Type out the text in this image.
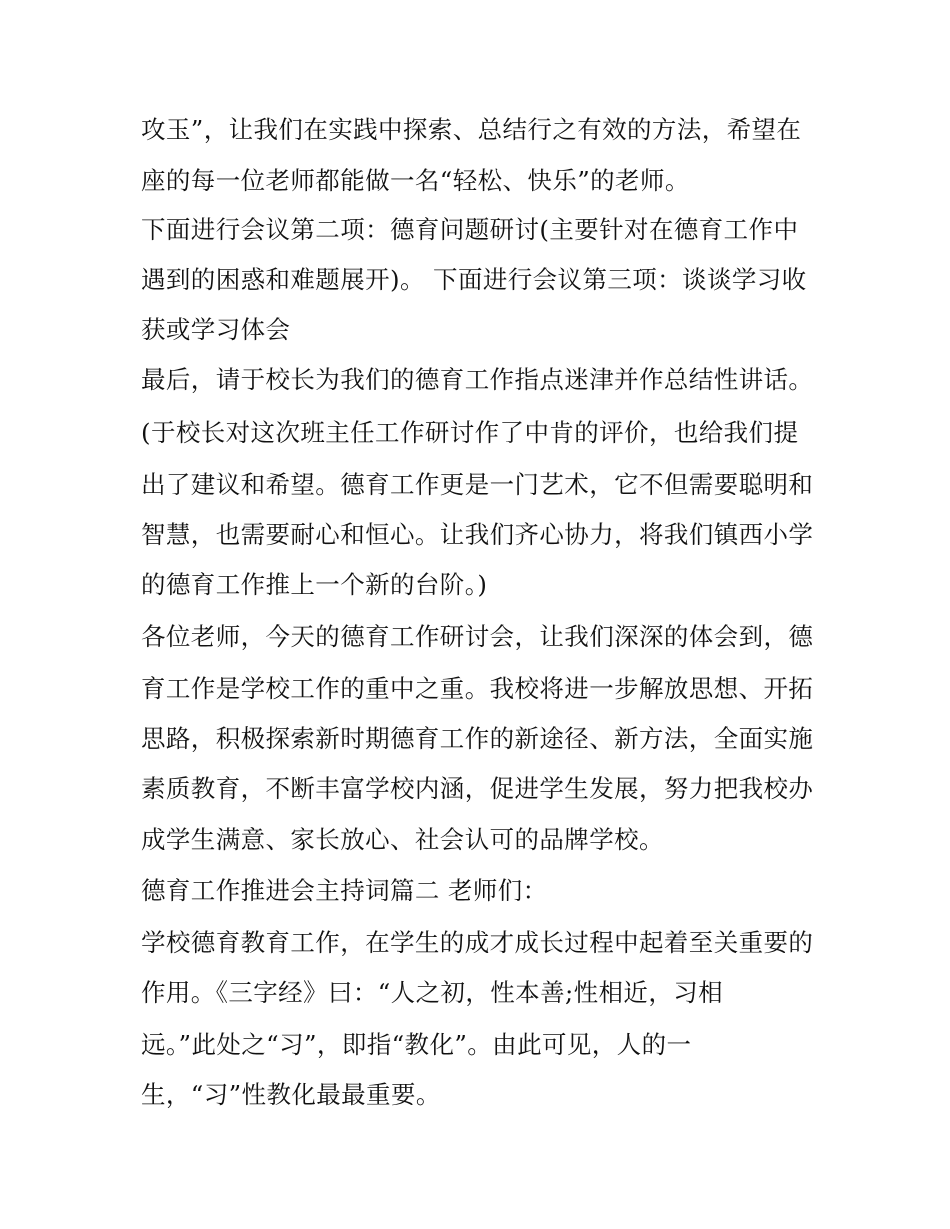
攻玉”，让我们在实践中探索、总结行之有效的方法，希望在
座的每一位老师都能做一名“轻松、快乐”的老师。
下面进行会议第二项：德育问题研讨(主要针对在德育工作中
遇到的困惑和难题展开)。 下面进行会议第三项：谈谈学习收
获或学习体会
最后，请于校长为我们的德育工作指点迷津并作总结性讲话。
(于校长对这次班主任工作研讨作了中肯的评价，也给我们提
出了建议和希望。德育工作更是一门艺术，它不但需要聪明和
智慧，也需要耐心和恒心。让我们齐心协力，将我们镇西小学
的德育工作推上一个新的台阶。)
各位老师，今天的德育工作研讨会，让我们深深的体会到，德
育工作是学校工作的重中之重。我校将进一步解放思想、开拓
思路，积极探索新时期德育工作的新途径、新方法，全面实施
素质教育，不断丰富学校内涵，促进学生发展，努力把我校办
成学生满意、家长放心、社会认可的品牌学校。
德育工作推进会主持词篇二 老师们：
学校德育教育工作，在学生的成才成长过程中起着至关重要的
作用。《三字经》曰：“人之初，性本善;性相近，习相
远。”此处之“习”，即指“教化”。由此可见，人的一
生，“习”性教化最最重要。
